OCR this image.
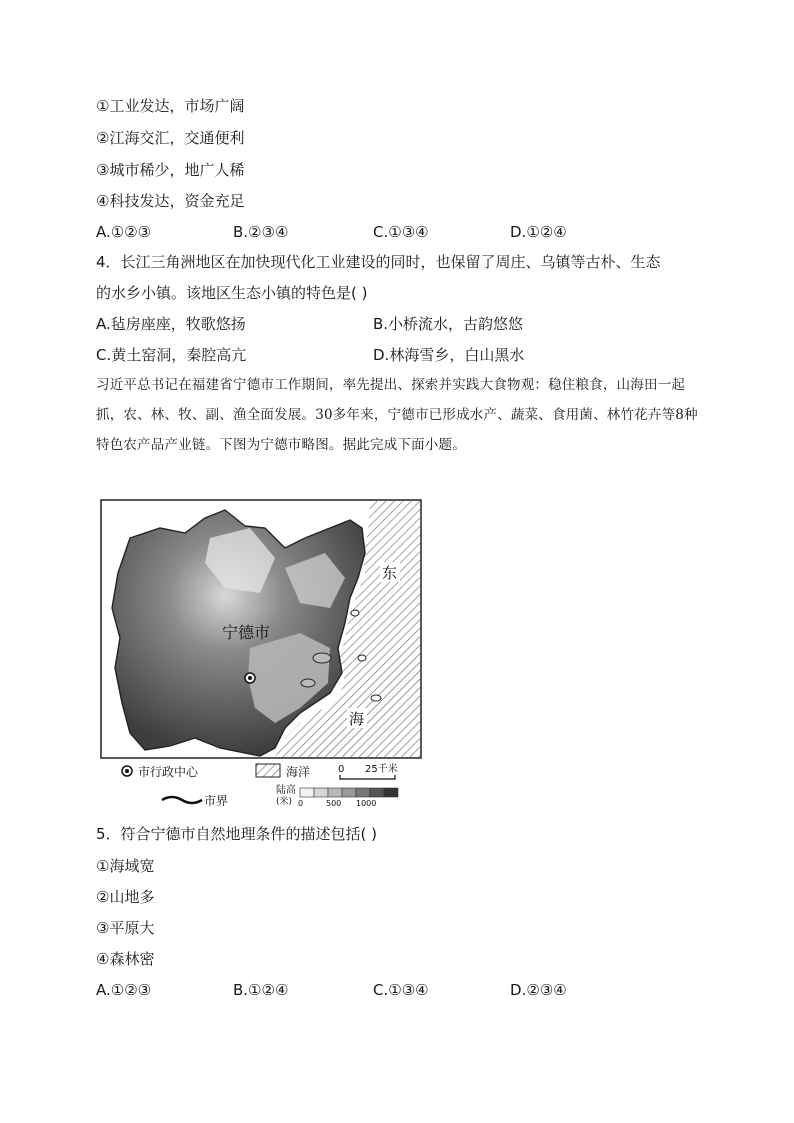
①工业发达，市场广阔
②江海交汇，交通便利
③城市稀少，地广人稀
④科技发达，资金充足
A.①②③	B.②③④	C.①③④	D.①②④
4．长江三角洲地区在加快现代化工业建设的同时，也保留了周庄、乌镇等古朴、生态
的水乡小镇。该地区生态小镇的特色是( )
A.毡房座座，牧歌悠扬	B.小桥流水，古韵悠悠
C.黄土窑洞，秦腔高亢	D.林海雪乡，白山黑水
习近平总书记在福建省宁德市工作期间，率先提出、探索并实践大食物观：稳住粮食，山海田一起抓，农、林、牧、副、渔全面发展。30多年来，宁德市已形成水产、蔬菜、食用菌、林竹花卉等8种特色农产品产业链。下图为宁德市略图。据此完成下面小题。
宁德市
东
海
市行政中心	海洋	0 25千米
市界
陆高
(米) 0	500 1000
5．符合宁德市自然地理条件的描述包括( )
①海域宽
②山地多
③平原大
④森林密
A.①②③	B.①②④	C.①③④	D.②③④
